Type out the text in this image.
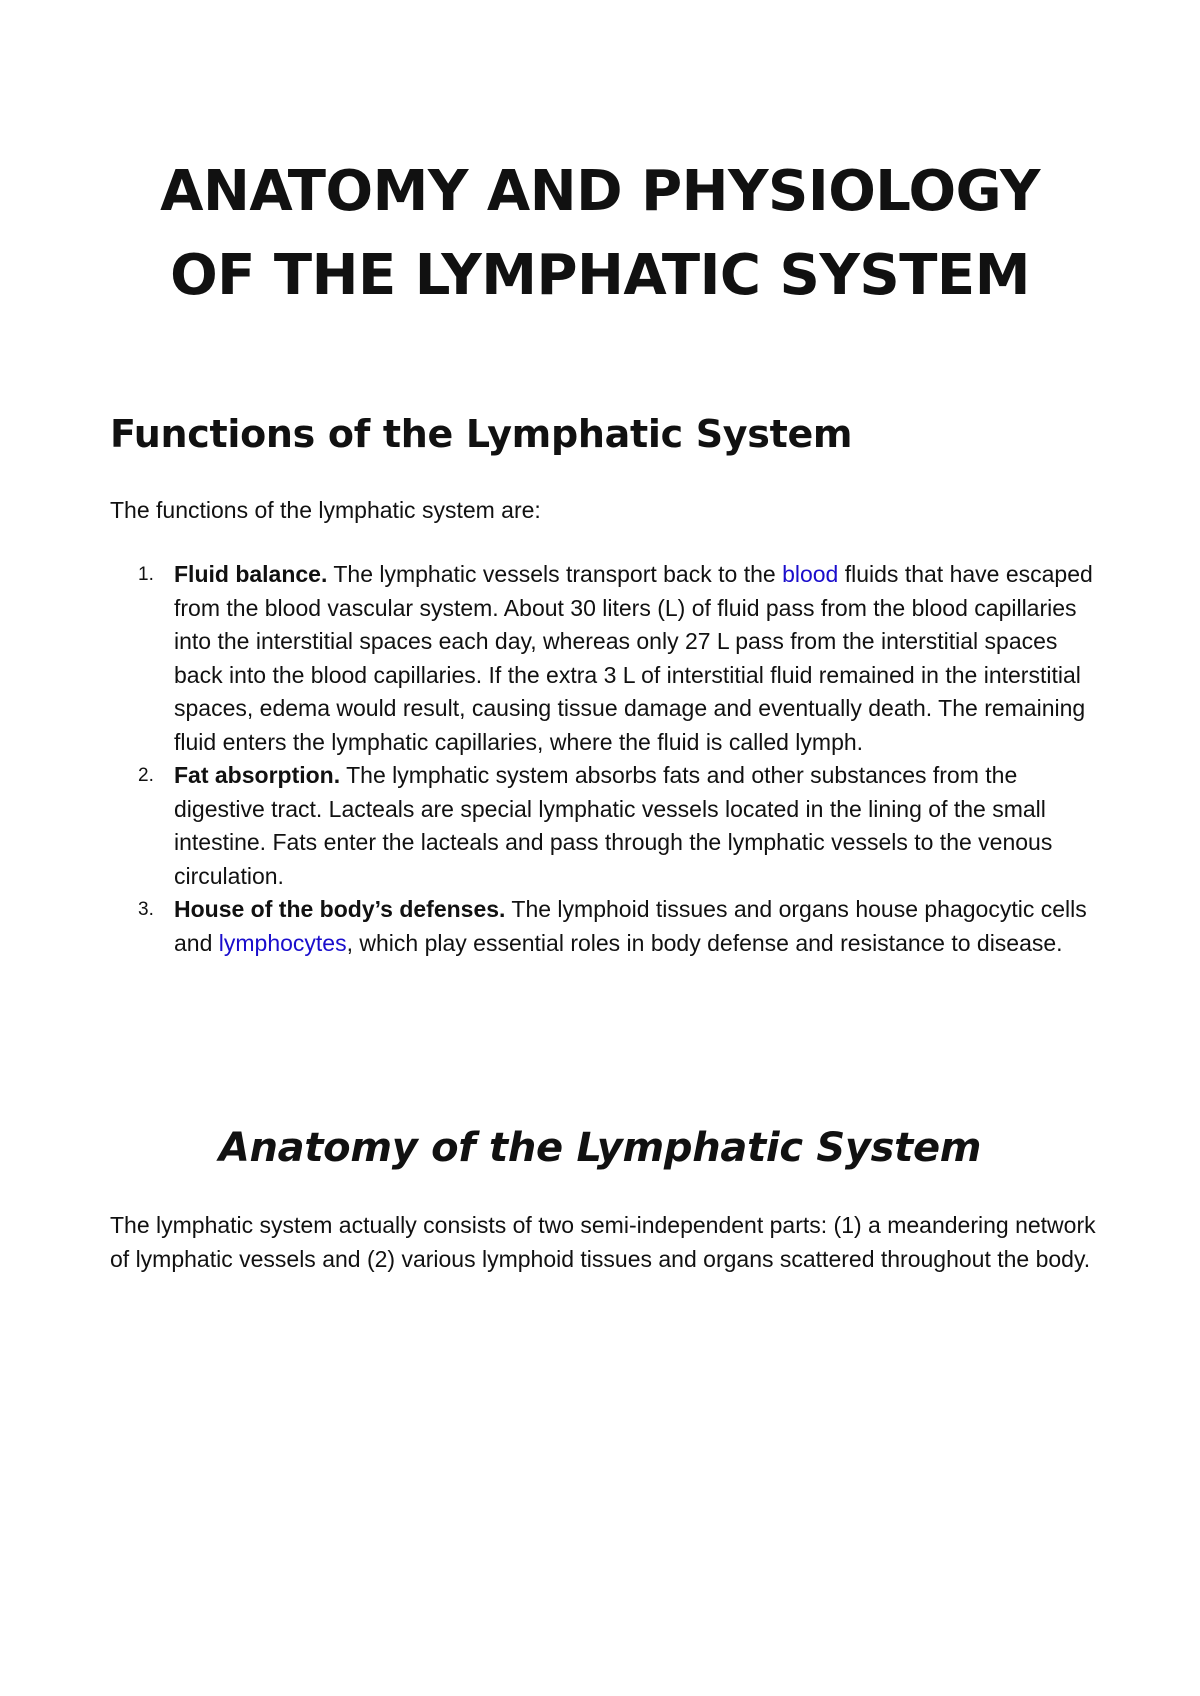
ANATOMY AND PHYSIOLOGY
OF THE LYMPHATIC SYSTEM
Functions of the Lymphatic System

The functions of the lymphatic system are:

1. Fluid balance. The lymphatic vessels transport back to the blood fluids that have escaped from the blood vascular system. About 30 liters (L) of fluid pass from the blood capillaries into the interstitial spaces each day, whereas only 27 L pass from the interstitial spaces back into the blood capillaries. If the extra 3 L of interstitial fluid remained in the interstitial spaces, edema would result, causing tissue damage and eventually death. The remaining fluid enters the lymphatic capillaries, where the fluid is called lymph.
2. Fat absorption. The lymphatic system absorbs fats and other substances from the digestive tract. Lacteals are special lymphatic vessels located in the lining of the small intestine. Fats enter the lacteals and pass through the lymphatic vessels to the venous circulation.
3. House of the body’s defenses. The lymphoid tissues and organs house phagocytic cells and lymphocytes, which play essential roles in body defense and resistance to disease.
Anatomy of the Lymphatic System

The lymphatic system actually consists of two semi-independent parts: (1) a meandering network of lymphatic vessels and (2) various lymphoid tissues and organs scattered throughout the body.
